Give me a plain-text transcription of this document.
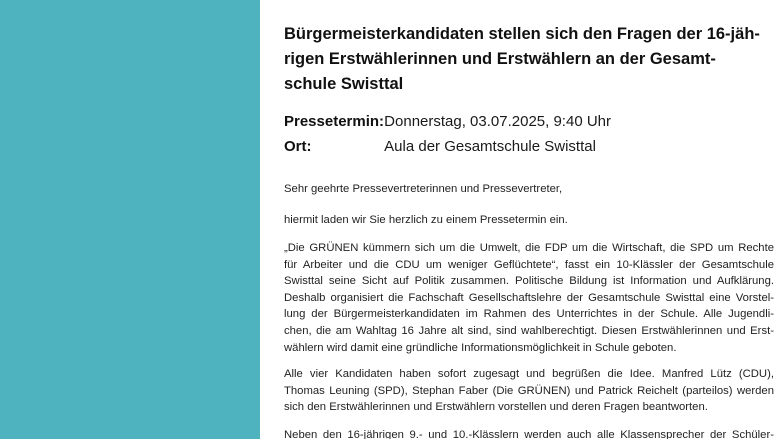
Bürgermeisterkandidaten stellen sich den Fragen der 16-jäh-
rigen Erstwählerinnen und Erstwählern an der Gesamt-
schule Swisttal
Pressetermin: Donnerstag, 03.07.2025, 9:40 Uhr
Ort:	Aula der Gesamtschule Swisttal
Sehr geehrte Pressevertreterinnen und Pressevertreter,
hiermit laden wir Sie herzlich zu einem Pressetermin ein.
„Die GRÜNEN kümmern sich um die Umwelt, die FDP um die Wirtschaft, die SPD um Rechte
für Arbeiter und die CDU um weniger Geflüchtete“, fasst ein 10-Klässler der Gesamtschule
Swisttal seine Sicht auf Politik zusammen. Politische Bildung ist Information und Aufklärung.
Deshalb organisiert die Fachschaft Gesellschaftslehre der Gesamtschule Swisttal eine Vorstel-
lung der Bürgermeisterkandidaten im Rahmen des Unterrichtes in der Schule. Alle Jugendli-
chen, die am Wahltag 16 Jahre alt sind, sind wahlberechtigt. Diesen Erstwählerinnen und Erst-
wählern wird damit eine gründliche Informationsmöglichkeit in Schule geboten.
Alle vier Kandidaten haben sofort zugesagt und begrüßen die Idee. Manfred Lütz (CDU),
Thomas Leuning (SPD), Stephan Faber (Die GRÜNEN) und Patrick Reichelt (parteilos) werden
sich den Erstwählerinnen und Erstwählern vorstellen und deren Fragen beantworten.
Neben den 16-jährigen 9.- und 10.-Klässlern werden auch alle Klassensprecher der Schüler-
